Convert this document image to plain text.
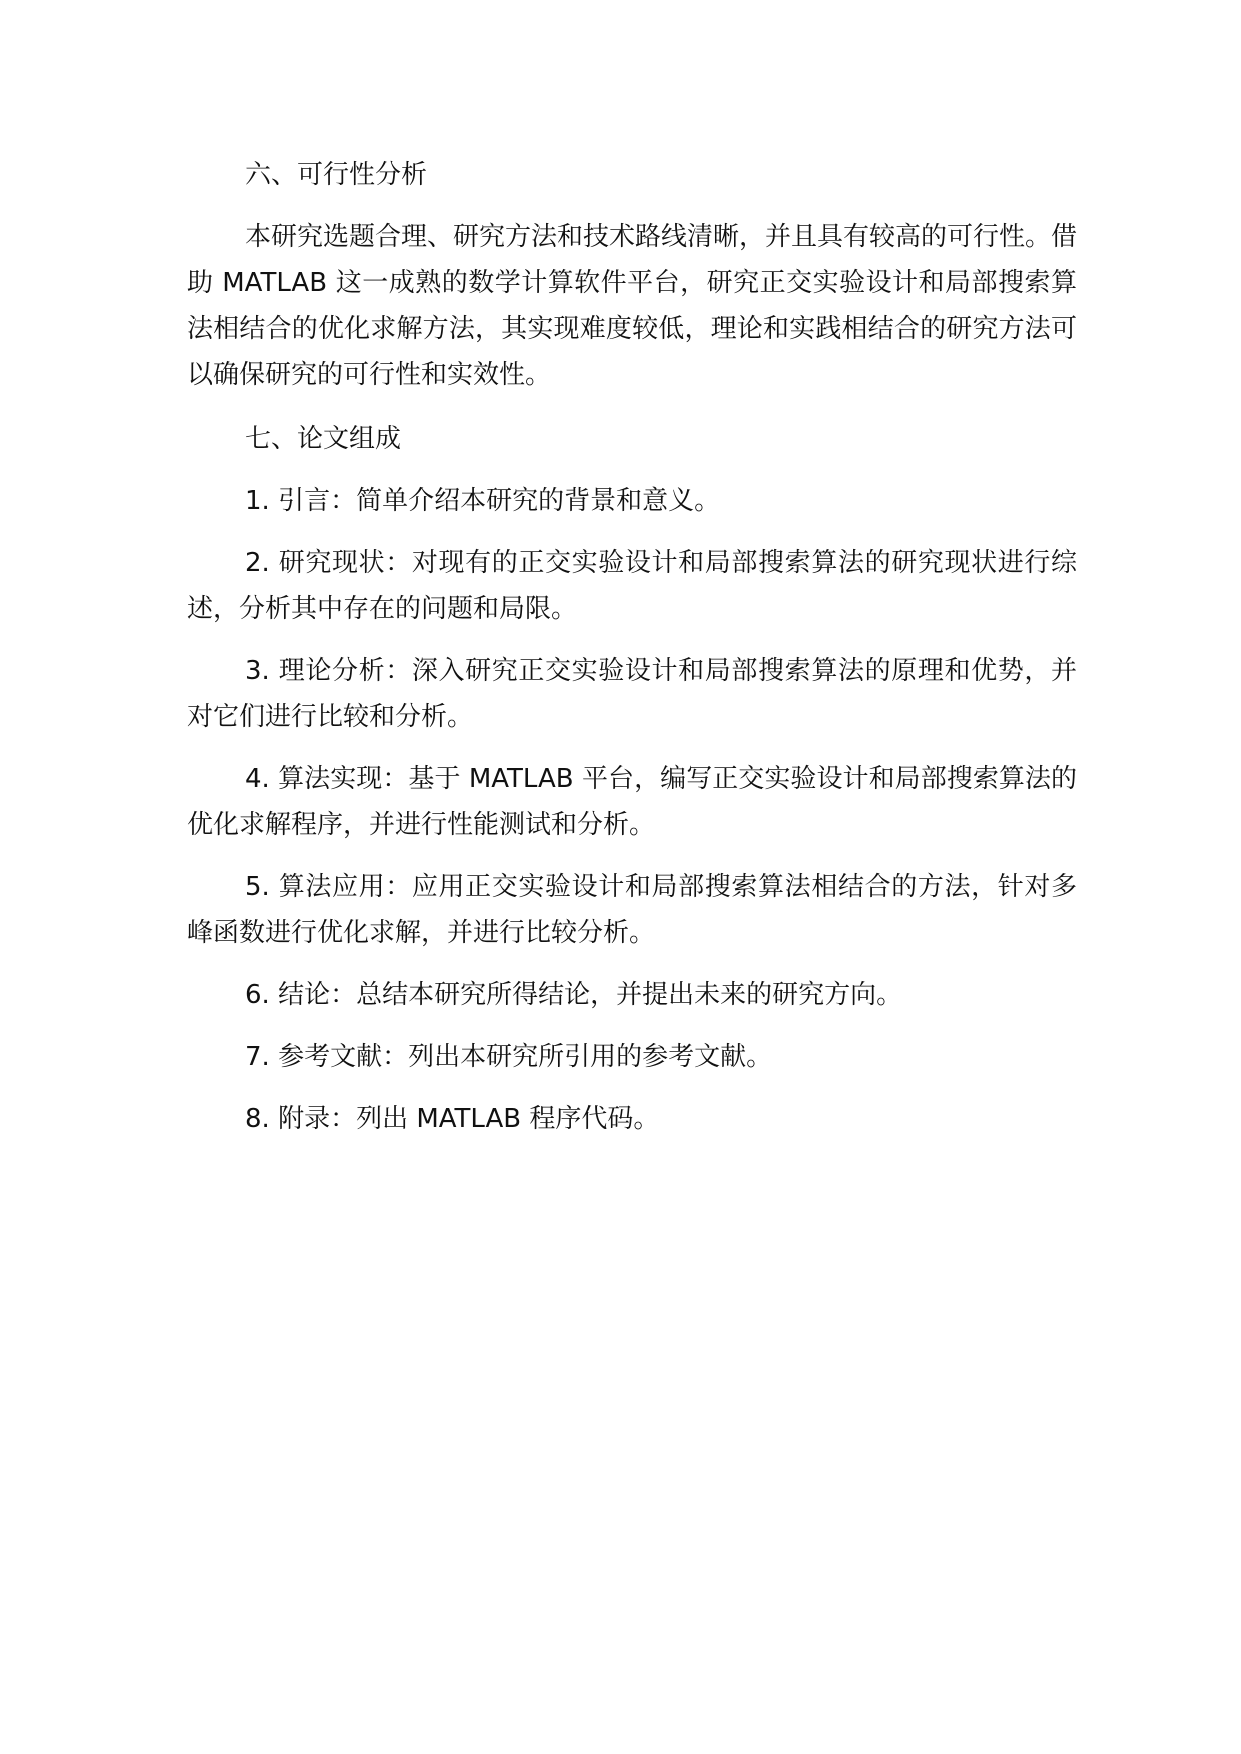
六、可行性分析

本研究选题合理、研究方法和技术路线清晰，并且具有较高的可行性。借助 MATLAB 这一成熟的数学计算软件平台，研究正交实验设计和局部搜索算法相结合的优化求解方法，其实现难度较低，理论和实践相结合的研究方法可以确保研究的可行性和实效性。

七、论文组成

1. 引言：简单介绍本研究的背景和意义。

2. 研究现状：对现有的正交实验设计和局部搜索算法的研究现状进行综述，分析其中存在的问题和局限。

3. 理论分析：深入研究正交实验设计和局部搜索算法的原理和优势，并对它们进行比较和分析。

4. 算法实现：基于 MATLAB 平台，编写正交实验设计和局部搜索算法的优化求解程序，并进行性能测试和分析。

5. 算法应用：应用正交实验设计和局部搜索算法相结合的方法，针对多峰函数进行优化求解，并进行比较分析。

6. 结论：总结本研究所得结论，并提出未来的研究方向。

7. 参考文献：列出本研究所引用的参考文献。

8. 附录：列出 MATLAB 程序代码。
